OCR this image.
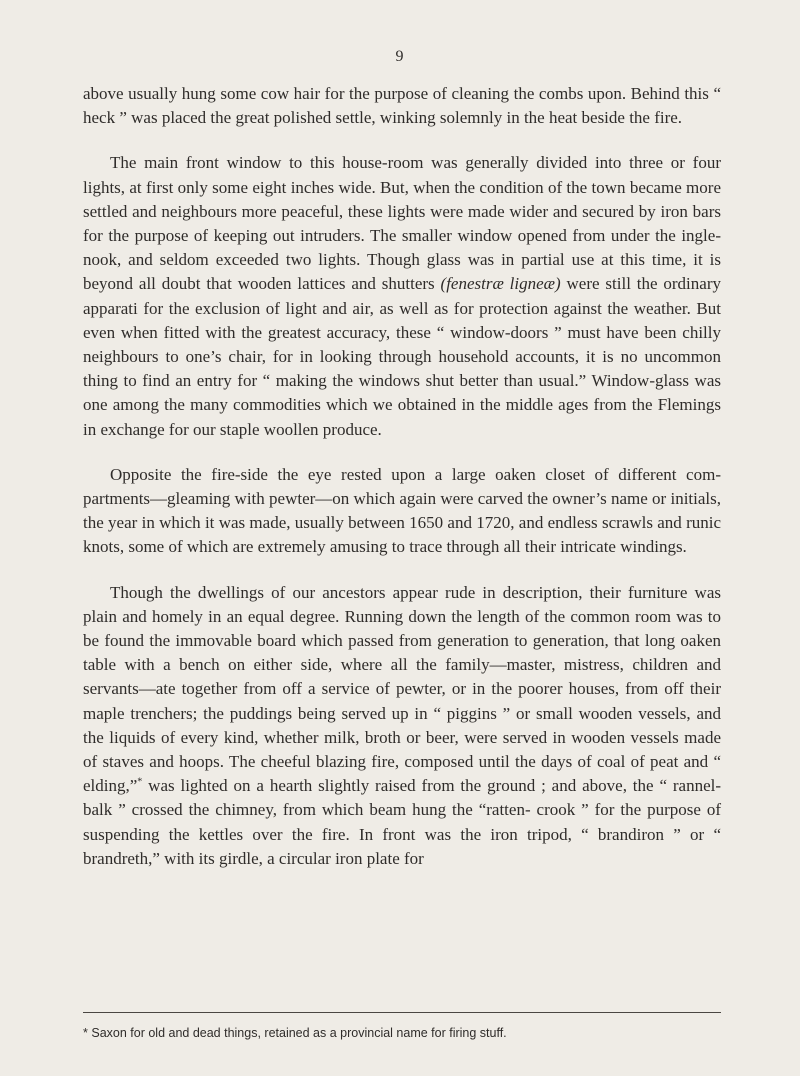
9

above usually hung some cow hair for the purpose of cleaning the combs upon. Behind this “ heck ” was placed the great polished settle, winking solemnly in the heat beside the fire.

The main front window to this house-room was generally divided into three or four lights, at first only some eight inches wide. But, when the condition of the town became more settled and neighbours more peaceful, these lights were made wider and secured by iron bars for the purpose of keeping out intruders. The smaller window opened from under the ingle-nook, and seldom exceeded two lights. Though glass was in partial use at this time, it is beyond all doubt that wooden lattices and shutters (fenestræ ligneæ) were still the ordinary apparati for the exclusion of light and air, as well as for protection against the weather. But even when fitted with the greatest accuracy, these “ window-doors ” must have been chilly neighbours to one’s chair, for in looking through household accounts, it is no uncommon thing to find an entry for “ making the windows shut better than usual.” Window-glass was one among the many commodities which we obtained in the middle ages from the Flemings in exchange for our staple woollen produce.

Opposite the fire-side the eye rested upon a large oaken closet of different com- partments—gleaming with pewter—on which again were carved the owner’s name or initials, the year in which it was made, usually between 1650 and 1720, and endless scrawls and runic knots, some of which are extremely amusing to trace through all their intricate windings.

Though the dwellings of our ancestors appear rude in description, their furniture was plain and homely in an equal degree. Running down the length of the common room was to be found the immovable board which passed from generation to generation, that long oaken table with a bench on either side, where all the family—master, mistress, children and servants—ate together from off a service of pewter, or in the poorer houses, from off their maple trenchers; the puddings being served up in “ piggins ” or small wooden vessels, and the liquids of every kind, whether milk, broth or beer, were served in wooden vessels made of staves and hoops. The cheeful blazing fire, composed until the days of coal of peat and “ elding,”* was lighted on a hearth slightly raised from the ground ; and above, the “ rannel-balk ” crossed the chimney, from which beam hung the “ratten- crook ” for the purpose of suspending the kettles over the fire. In front was the iron tripod, “ brandiron ” or “ brandreth,” with its girdle, a circular iron plate for

* Saxon for old and dead things, retained as a provincial name for firing stuff.
